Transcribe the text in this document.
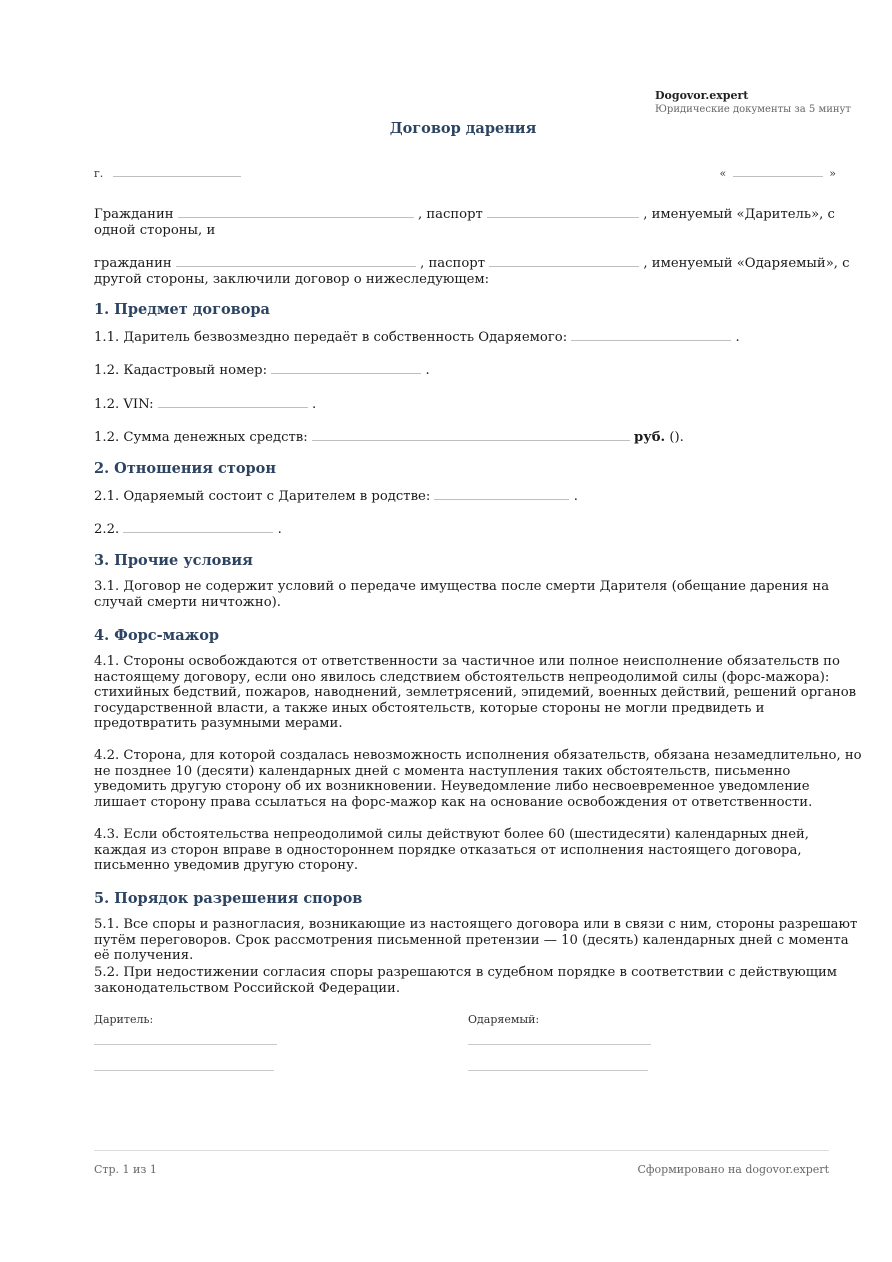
Dogovor.expert
Юридические документы за 5 минут
Договор дарения
г.	«	»

Гражданин	, паспорт	, именуемый «Даритель», с одной стороны, и

гражданин	, паспорт	, именуемый «Одаряемый», с другой стороны, заключили договор о нижеследующем:

1. Предмет договора

1.1. Даритель безвозмездно передаёт в собственность Одаряемого:	.

1.2. Кадастровый номер:	.

1.2. VIN:	.

1.2. Сумма денежных средств:	руб. ().

2. Отношения сторон

2.1. Одаряемый состоит с Дарителем в родстве:	.

2.2.	.

3. Прочие условия

3.1. Договор не содержит условий о передаче имущества после смерти Дарителя (обещание дарения на случай смерти ничтожно).

4. Форс-мажор

4.1. Стороны освобождаются от ответственности за частичное или полное неисполнение обязательств по настоящему договору, если оно явилось следствием обстоятельств непреодолимой силы (форс-мажора): стихийных бедствий, пожаров, наводнений, землетрясений, эпидемий, военных действий, решений органов государственной власти, а также иных обстоятельств, которые стороны не могли предвидеть и предотвратить разумными мерами.

4.2. Сторона, для которой создалась невозможность исполнения обязательств, обязана незамедлительно, но не позднее 10 (десяти) календарных дней с момента наступления таких обстоятельств, письменно уведомить другую сторону об их возникновении. Неуведомление либо несвоевременное уведомление лишает сторону права ссылаться на форс-мажор как на основание освобождения от ответственности.

4.3. Если обстоятельства непреодолимой силы действуют более 60 (шестидесяти) календарных дней, каждая из сторон вправе в одностороннем порядке отказаться от исполнения настоящего договора, письменно уведомив другую сторону.

5. Порядок разрешения споров

5.1. Все споры и разногласия, возникающие из настоящего договора или в связи с ним, стороны разрешают путём переговоров. Срок рассмотрения письменной претензии — 10 (десять) календарных дней с момента её получения.

5.2. При недостижении согласия споры разрешаются в судебном порядке в соответствии с действующим законодательством Российской Федерации.

Даритель:	Одаряемый:
Стр. 1 из 1	Сформировано на dogovor.expert
